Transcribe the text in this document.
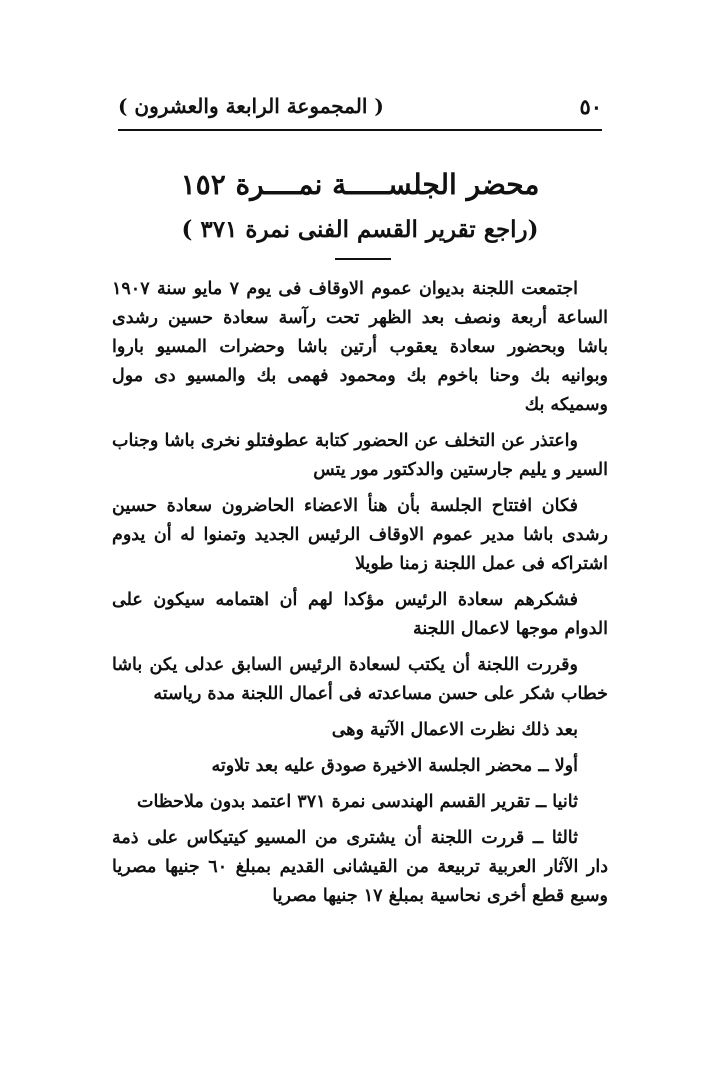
٥٠
( المجموعة الرابعة والعشرون )
محضر الجلســـــة نمــــرة ١٥٢
(راجع تقرير القسم الفنى نمرة ٣٧١ )

اجتمعت اللجنة بديوان عموم الاوقاف فى يوم ٧ مايو سنة ١٩٠٧ الساعة أربعة ونصف بعد الظهر تحت رآسة سعادة حسين رشدى باشا وبحضور سعادة يعقوب أرتين باشا وحضرات المسيو باروا وبوانيه بك وحنا باخوم بك ومحمود فهمى بك والمسيو دى مول وسميكه بك

واعتذر عن التخلف عن الحضور كتابة عطوفتلو نخرى باشا وجناب السير و يليم جارستين والدكتور مور يتس

فكان افتتاح الجلسة بأن هنأ الاعضاء الحاضرون سعادة حسين رشدى باشا مدير عموم الاوقاف الرئيس الجديد وتمنوا له أن يدوم اشتراكه فى عمل اللجنة زمنا طويلا

فشكرهم سعادة الرئيس مؤكدا لهم أن اهتمامه سيكون على الدوام موجها لاعمال اللجنة

وقررت اللجنة أن يكتب لسعادة الرئيس السابق عدلى يكن باشا خطاب شكر على حسن مساعدته فى أعمال اللجنة مدة رياسته

بعد ذلك نظرت الاعمال الآتية وهى

أولا ــ محضر الجلسة الاخيرة صودق عليه بعد تلاوته

ثانيا ــ تقرير القسم الهندسى نمرة ٣٧١ اعتمد بدون ملاحظات

ثالثا ــ قررت اللجنة أن يشترى من المسيو كيتيكاس على ذمة دار الآثار العربية تربيعة من القيشانى القديم بمبلغ ٦٠ جنيها مصريا وسبع قطع أخرى نحاسية بمبلغ ١٧ جنيها مصريا
